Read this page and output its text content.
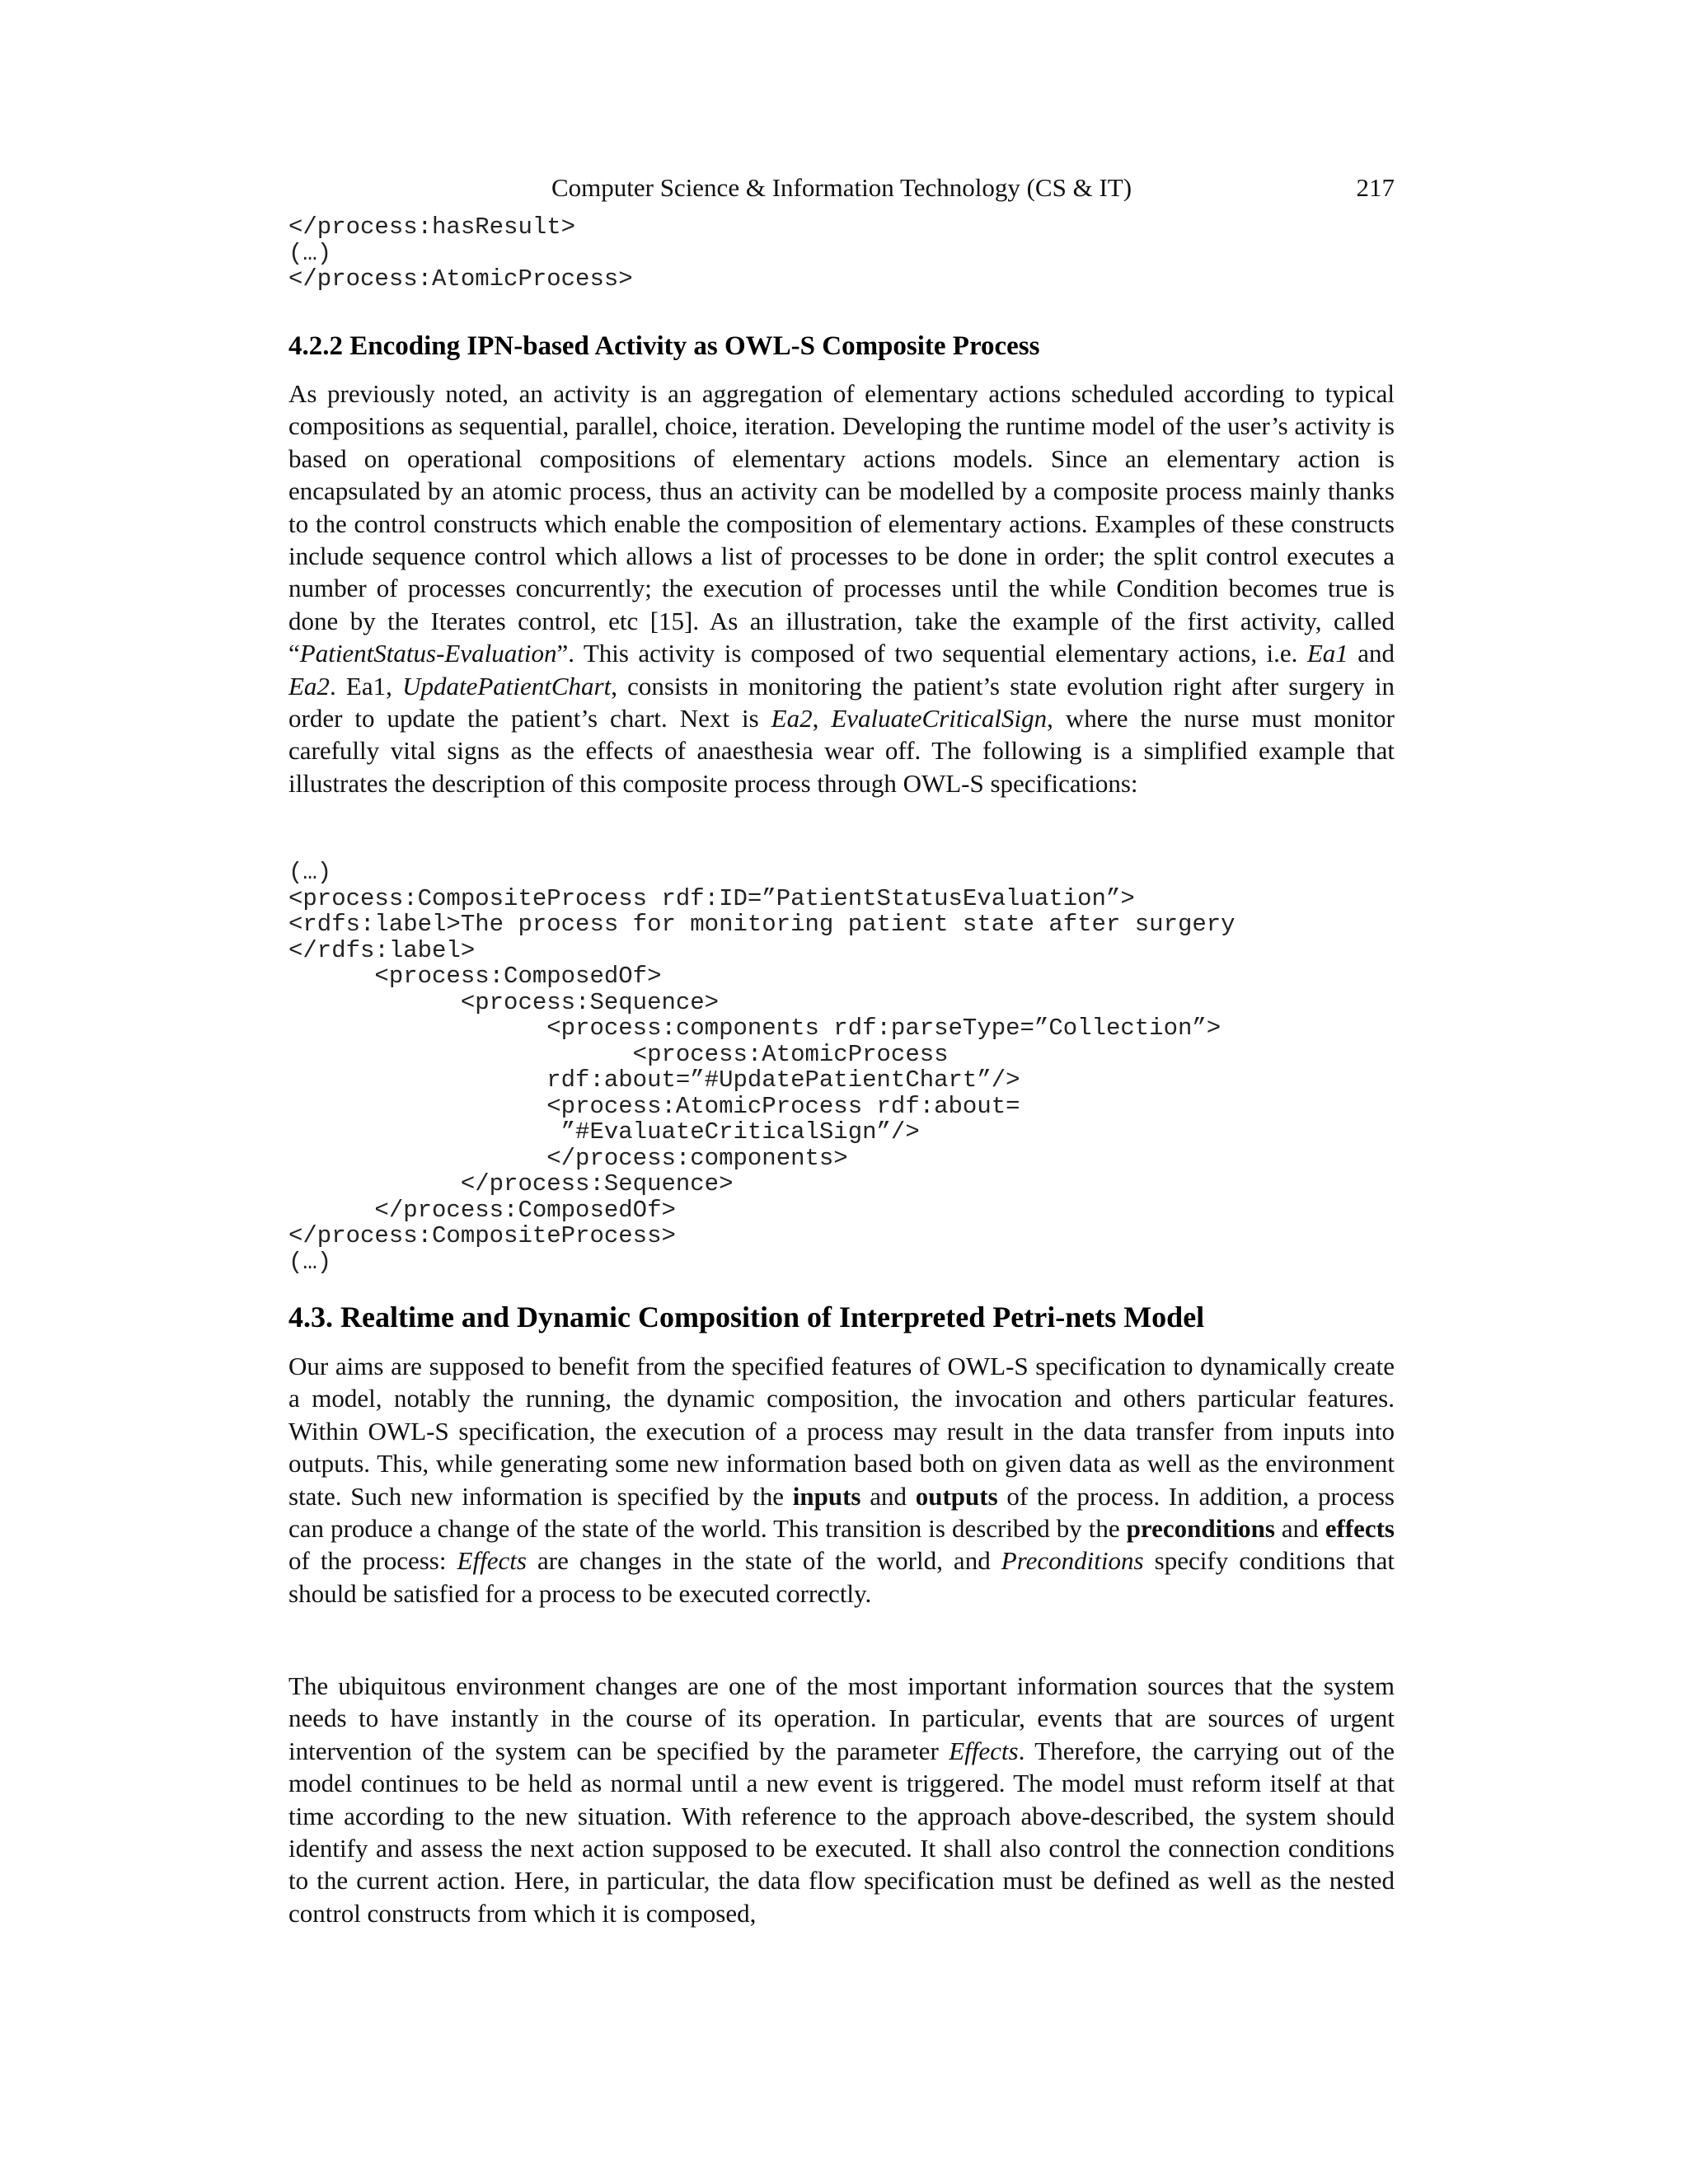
Computer Science & Information Technology (CS & IT)	217
</process:hasResult>
(…)
</process:AtomicProcess>
4.2.2 Encoding IPN-based Activity as OWL-S Composite Process

As previously noted, an activity is an aggregation of elementary actions scheduled according to typical compositions as sequential, parallel, choice, iteration. Developing the runtime model of the user’s activity is based on operational compositions of elementary actions models. Since an elementary action is encapsulated by an atomic process, thus an activity can be modelled by a composite process mainly thanks to the control constructs which enable the composition of elementary actions. Examples of these constructs include sequence control which allows a list of processes to be done in order; the split control executes a number of processes concurrently; the execution of processes until the while Condition becomes true is done by the Iterates control, etc [15]. As an illustration, take the example of the first activity, called “PatientStatus-Evaluation”. This activity is composed of two sequential elementary actions, i.e. Ea1 and Ea2. Ea1, UpdatePatientChart, consists in monitoring the patient’s state evolution right after surgery in order to update the patient’s chart. Next is Ea2, EvaluateCriticalSign, where the nurse must monitor carefully vital signs as the effects of anaesthesia wear off. The following is a simplified example that illustrates the description of this composite process through OWL-S specifications:

(…)
<process:CompositeProcess rdf:ID=”PatientStatusEvaluation”>
<rdfs:label>The process for monitoring patient state after surgery
</rdfs:label>
<process:ComposedOf>
<process:Sequence>
<process:components rdf:parseType=”Collection”>
<process:AtomicProcess
rdf:about=”#UpdatePatientChart”/>
<process:AtomicProcess rdf:about=
”#EvaluateCriticalSign”/>
</process:components>
</process:Sequence>
</process:ComposedOf>
</process:CompositeProcess>
(…)
4.3. Realtime and Dynamic Composition of Interpreted Petri-nets Model

Our aims are supposed to benefit from the specified features of OWL-S specification to dynamically create a model, notably the running, the dynamic composition, the invocation and others particular features. Within OWL-S specification, the execution of a process may result in the data transfer from inputs into outputs. This, while generating some new information based both on given data as well as the environment state. Such new information is specified by the inputs and outputs of the process. In addition, a process can produce a change of the state of the world. This transition is described by the preconditions and effects of the process: Effects are changes in the state of the world, and Preconditions specify conditions that should be satisfied for a process to be executed correctly.

The ubiquitous environment changes are one of the most important information sources that the system needs to have instantly in the course of its operation. In particular, events that are sources of urgent intervention of the system can be specified by the parameter Effects. Therefore, the carrying out of the model continues to be held as normal until a new event is triggered. The model must reform itself at that time according to the new situation. With reference to the approach above-described, the system should identify and assess the next action supposed to be executed. It shall also control the connection conditions to the current action. Here, in particular, the data flow specification must be defined as well as the nested control constructs from which it is composed,
